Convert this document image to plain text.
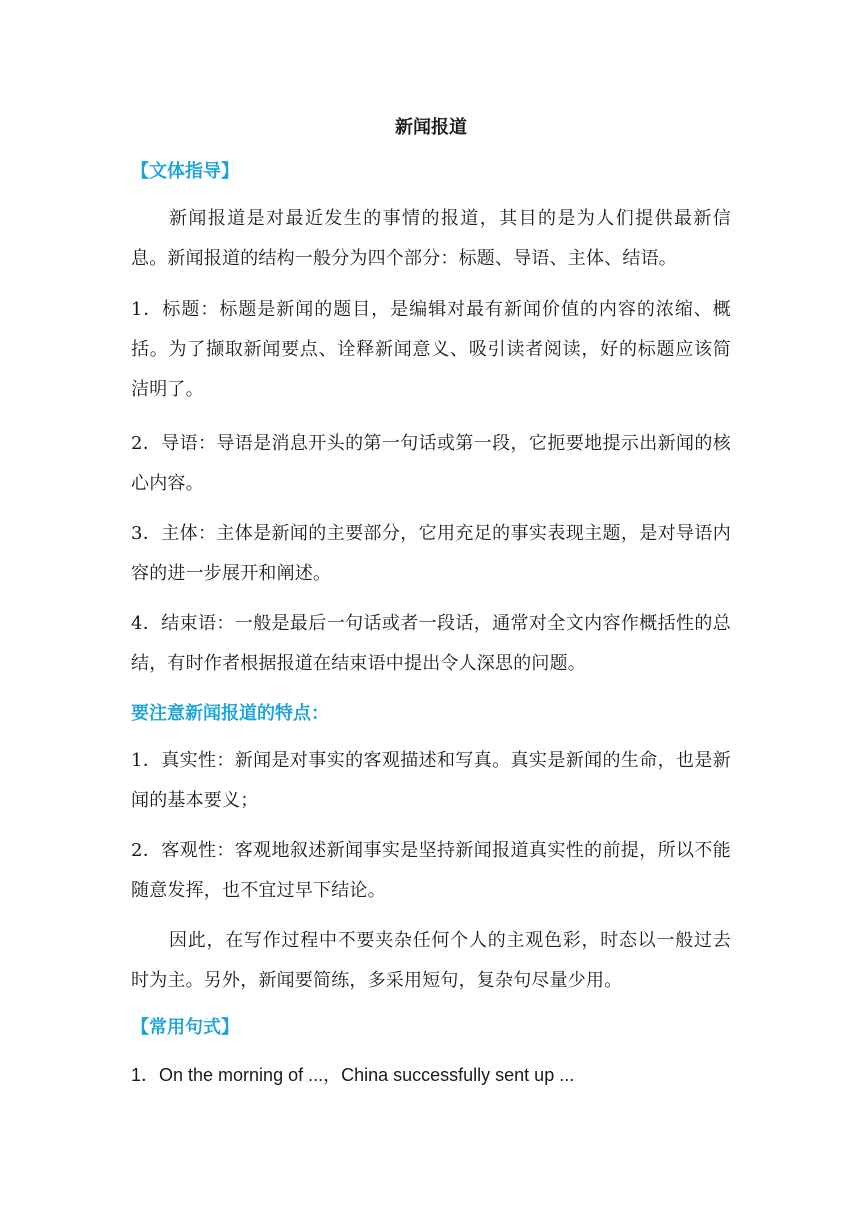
新闻报道
【文体指导】
新闻报道是对最近发生的事情的报道，其目的是为人们提供最新信息。新闻报道的结构一般分为四个部分：标题、导语、主体、结语。
1．标题：标题是新闻的题目，是编辑对最有新闻价值的内容的浓缩、概括。为了撷取新闻要点、诠释新闻意义、吸引读者阅读，好的标题应该简洁明了。
2．导语：导语是消息开头的第一句话或第一段，它扼要地提示出新闻的核心内容。
3．主体：主体是新闻的主要部分，它用充足的事实表现主题，是对导语内容的进一步展开和阐述。
4．结束语：一般是最后一句话或者一段话，通常对全文内容作概括性的总结，有时作者根据报道在结束语中提出令人深思的问题。
要注意新闻报道的特点：
1．真实性：新闻是对事实的客观描述和写真。真实是新闻的生命，也是新闻的基本要义；
2．客观性：客观地叙述新闻事实是坚持新闻报道真实性的前提，所以不能随意发挥，也不宜过早下结论。
因此，在写作过程中不要夹杂任何个人的主观色彩，时态以一般过去时为主。另外，新闻要简练，多采用短句，复杂句尽量少用。
【常用句式】
1．On the morning of ...，China successfully sent up ...
